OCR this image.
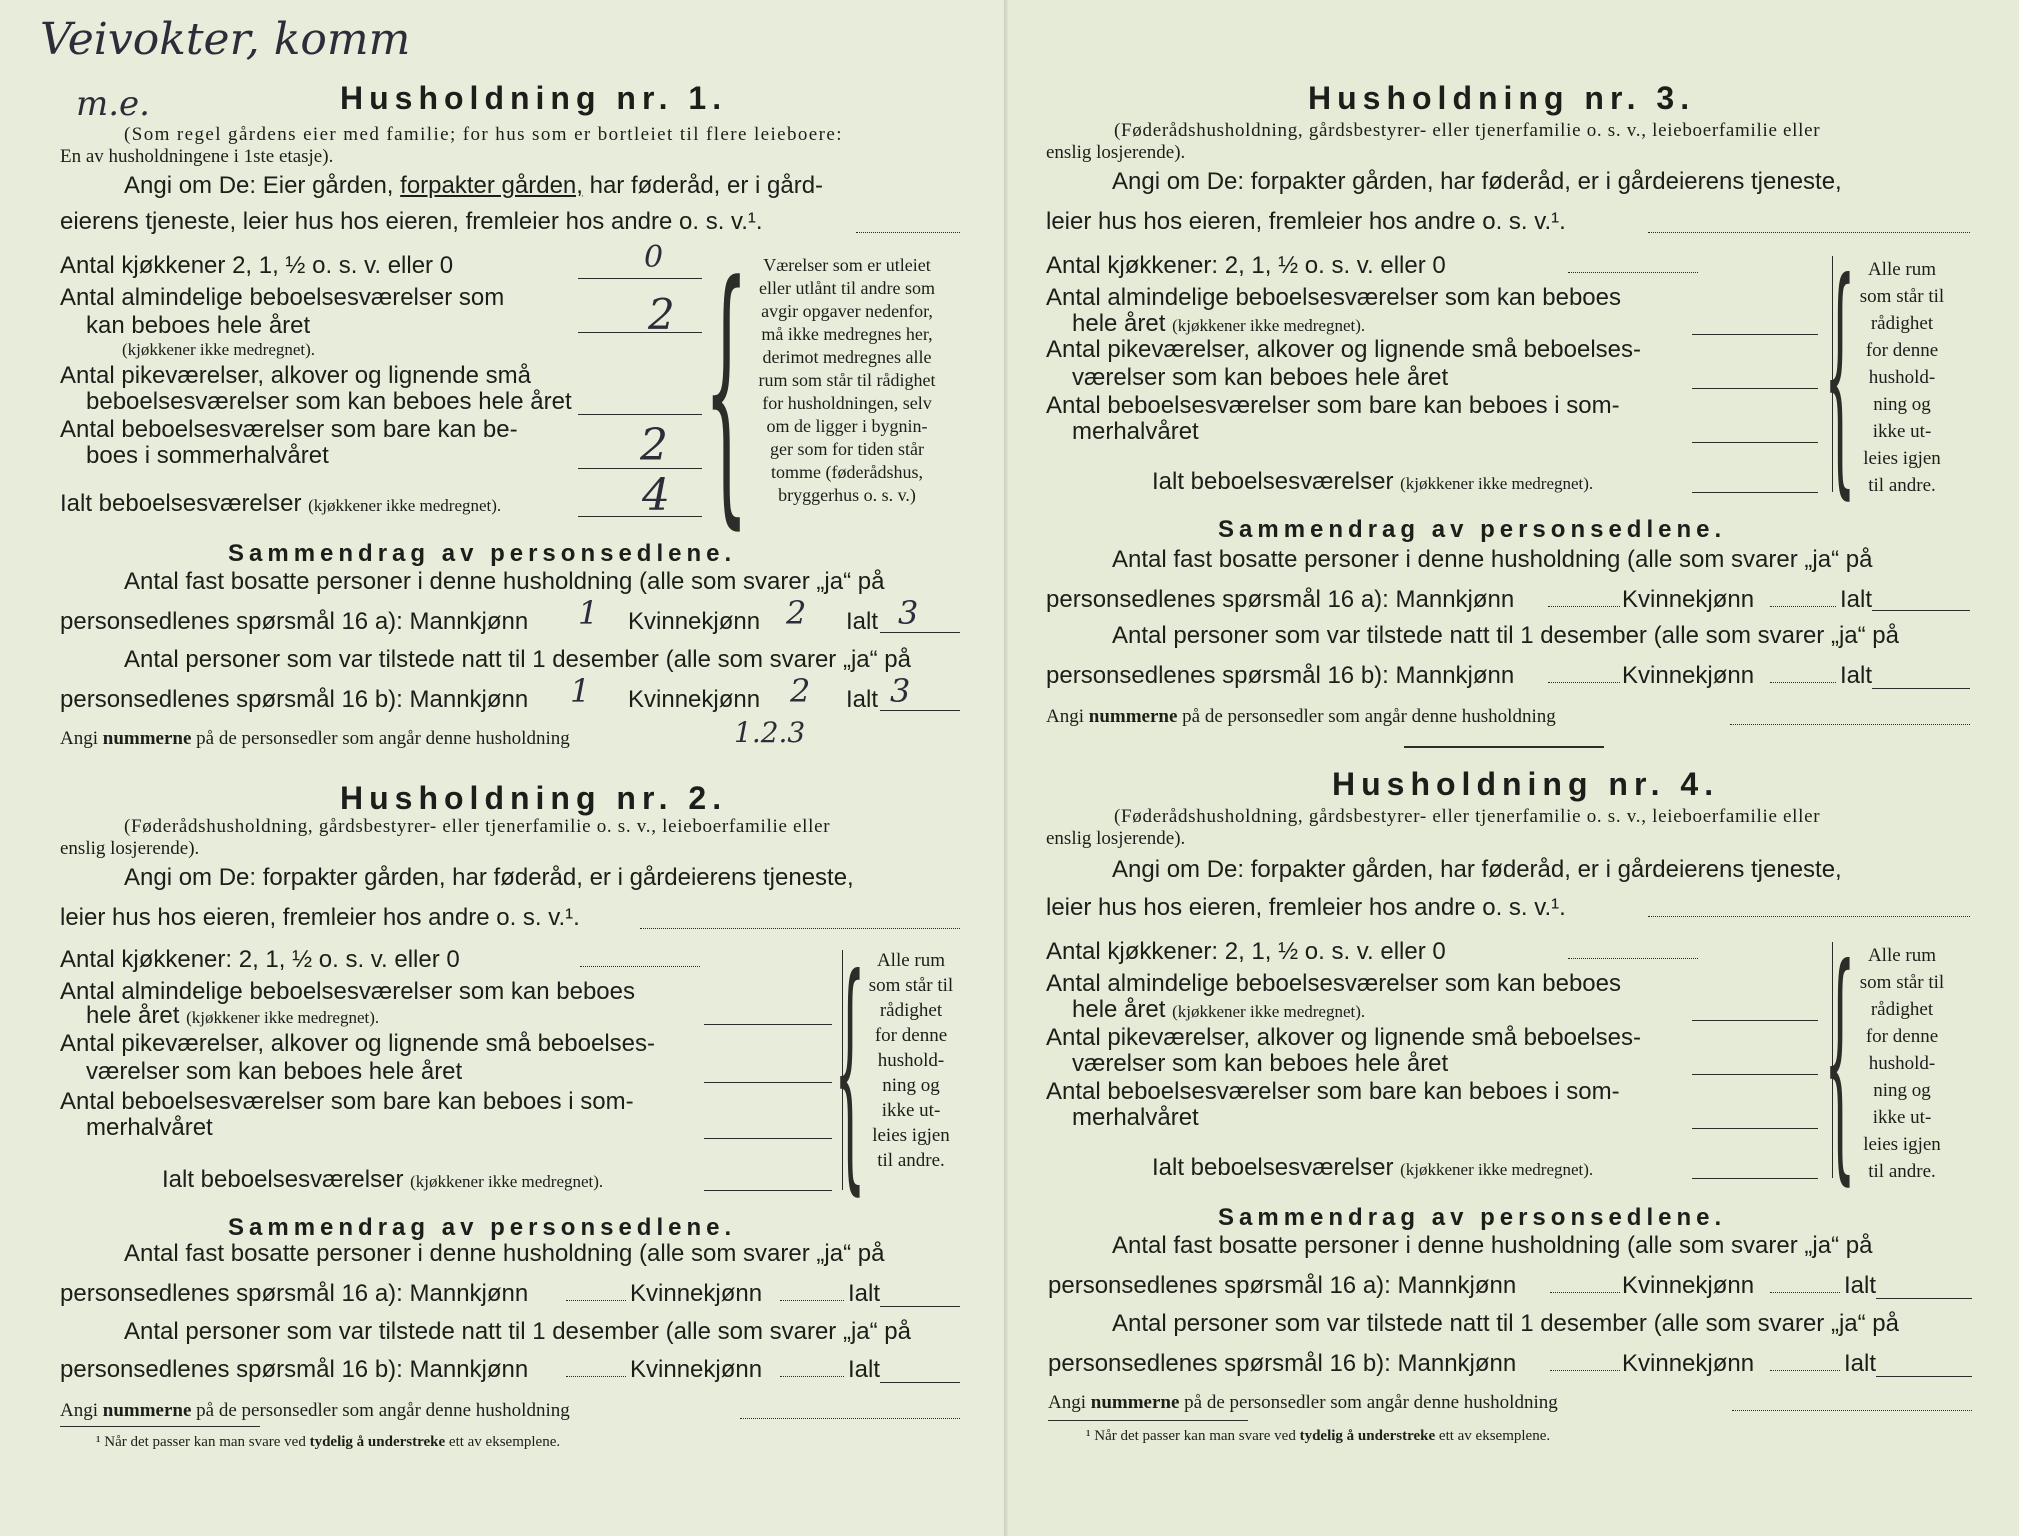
Veivokter, komm
m.e.	Husholdning nr. 1.
(Som regel gårdens eier med familie; for hus som er bortleiet til flere leieboere:
En av husholdningene i 1ste etasje).
Angi om De: Eier gården, forpakter gården, har føderåd, er i gård-
eierens tjeneste, leier hus hos eieren, fremleier hos andre o. s. v.¹.
Antal kjøkkener 2, 1, ½ o. s. v. eller 0	0
Antal almindelige beboelsesværelser som
kan beboes hele året
(kjøkkener ikke medregnet).
2
Antal pikeværelser, alkover og lignende små
beboelsesværelser som kan beboes hele året
Antal beboelsesværelser som bare kan be-
boes i sommerhalvåret	2
Ialt beboelsesværelser (kjøkkener ikke medregnet).	4 { Værelser som er utleiet
eller utlånt til andre som
avgir opgaver nedenfor,
må ikke medregnes her,
derimot medregnes alle
rum som står til rådighet
for husholdningen, selv
om de ligger i bygnin-
ger som for tiden står
tomme (føderådshus,
bryggerhus o. s. v.)
Sammendrag av personsedlene.
Antal fast bosatte personer i denne husholdning (alle som svarer „ja“ på
personsedlenes spørsmål 16 a): Mannkjønn 1 Kvinnekjønn 2 Ialt 3
Antal personer som var tilstede natt til 1 desember (alle som svarer „ja“ på
personsedlenes spørsmål 16 b): Mannkjønn 1 Kvinnekjønn 2 Ialt 3
Angi nummerne på de personsedler som angår denne husholdning	1.2.3
Husholdning nr. 2.
(Føderådshusholdning, gårdsbestyrer- eller tjenerfamilie o. s. v., leieboerfamilie eller
enslig losjerende).
Angi om De: forpakter gården, har føderåd, er i gårdeierens tjeneste,
leier hus hos eieren, fremleier hos andre o. s. v.¹.
Antal kjøkkener: 2, 1, ½ o. s. v. eller 0
Antal almindelige beboelsesværelser som kan beboes
hele året (kjøkkener ikke medregnet).
Antal pikeværelser, alkover og lignende små beboelses-
værelser som kan beboes hele året
Antal beboelsesværelser som bare kan beboes i som-
merhalvåret
Ialt beboelsesværelser (kjøkkener ikke medregnet). { Alle rum
som står til
rådighet
for denne
hushold-
ning og
ikke ut-
leies igjen
til andre.
Sammendrag av personsedlene.
Antal fast bosatte personer i denne husholdning (alle som svarer „ja“ på
personsedlenes spørsmål 16 a): Mannkjønn	Kvinnekjønn	Ialt
Antal personer som var tilstede natt til 1 desember (alle som svarer „ja“ på
personsedlenes spørsmål 16 b): Mannkjønn	Kvinnekjønn	Ialt
Angi nummerne på de personsedler som angår denne husholdning
¹ Når det passer kan man svare ved tydelig å understreke ett av eksemplene.
Husholdning nr. 3.
(Føderådshusholdning, gårdsbestyrer- eller tjenerfamilie o. s. v., leieboerfamilie eller
enslig losjerende).
Angi om De: forpakter gården, har føderåd, er i gårdeierens tjeneste,
leier hus hos eieren, fremleier hos andre o. s. v.¹.
Antal kjøkkener: 2, 1, ½ o. s. v. eller 0
Antal almindelige beboelsesværelser som kan beboes
hele året (kjøkkener ikke medregnet).
Antal pikeværelser, alkover og lignende små beboelses-
værelser som kan beboes hele året
Antal beboelsesværelser som bare kan beboes i som-
merhalvåret
Ialt beboelsesværelser (kjøkkener ikke medregnet). { Alle rum
som står til
rådighet
for denne
hushold-
ning og
ikke ut-
leies igjen
til andre.
Sammendrag av personsedlene.
Antal fast bosatte personer i denne husholdning (alle som svarer „ja“ på
personsedlenes spørsmål 16 a): Mannkjønn	Kvinnekjønn	Ialt
Antal personer som var tilstede natt til 1 desember (alle som svarer „ja“ på
personsedlenes spørsmål 16 b): Mannkjønn	Kvinnekjønn	Ialt
Angi nummerne på de personsedler som angår denne husholdning
Husholdning nr. 4.
(Føderådshusholdning, gårdsbestyrer- eller tjenerfamilie o. s. v., leieboerfamilie eller
enslig losjerende).
Angi om De: forpakter gården, har føderåd, er i gårdeierens tjeneste,
leier hus hos eieren, fremleier hos andre o. s. v.¹.
Antal kjøkkener: 2, 1, ½ o. s. v. eller 0
Antal almindelige beboelsesværelser som kan beboes
hele året (kjøkkener ikke medregnet).
Antal pikeværelser, alkover og lignende små beboelses-
værelser som kan beboes hele året
Antal beboelsesværelser som bare kan beboes i som-
merhalvåret
Ialt beboelsesværelser (kjøkkener ikke medregnet). { Alle rum
som står til
rådighet
for denne
hushold-
ning og
ikke ut-
leies igjen
til andre.
Sammendrag av personsedlene.
Antal fast bosatte personer i denne husholdning (alle som svarer „ja“ på
personsedlenes spørsmål 16 a): Mannkjønn	Kvinnekjønn	Ialt
Antal personer som var tilstede natt til 1 desember (alle som svarer „ja“ på
personsedlenes spørsmål 16 b): Mannkjønn	Kvinnekjønn	Ialt
Angi nummerne på de personsedler som angår denne husholdning
¹ Når det passer kan man svare ved tydelig å understreke ett av eksemplene.
